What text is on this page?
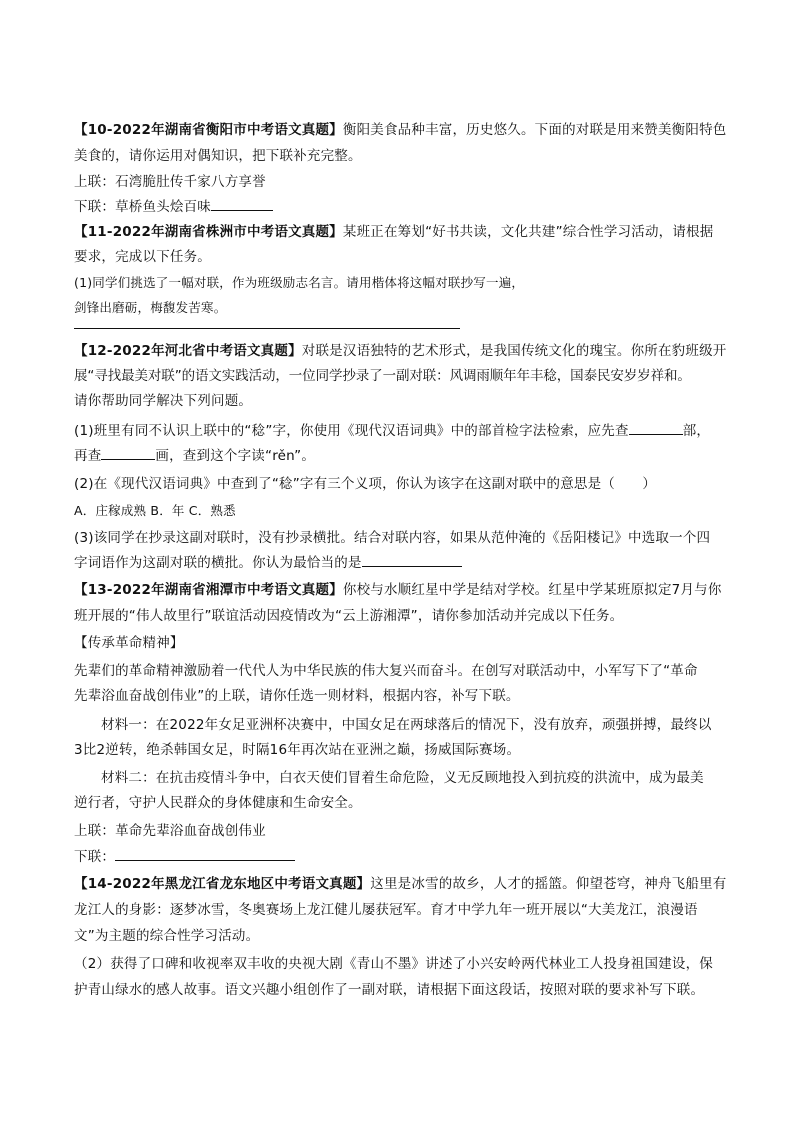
【10-2022年湖南省衡阳市中考语文真题】衡阳美食品种丰富，历史悠久。下面的对联是用来赞美衡阳特色
美食的，请你运用对偶知识，把下联补充完整。
上联：石湾脆肚传千家八方享誉
下联：草桥鱼头烩百味
【11-2022年湖南省株洲市中考语文真题】某班正在筹划“好书共读，文化共建”综合性学习活动，请根据
要求，完成以下任务。
(1)同学们挑选了一幅对联，作为班级励志名言。请用楷体将这幅对联抄写一遍，
剑锋出磨砺，梅馥发苦寒。
【12-2022年河北省中考语文真题】对联是汉语独特的艺术形式，是我国传统文化的瑰宝。你所在豹班级开
展“寻找最美对联”的语文实践活动，一位同学抄录了一副对联：风调雨顺年年丰稔，国泰民安岁岁祥和。
请你帮助同学解决下列问题。
(1)班里有同不认识上联中的“稔”字，你使用《现代汉语词典》中的部首检字法检索，应先查	部，
再查	画，查到这个字读“rěn”。
(2)在《现代汉语词典》中查到了“稔”字有三个义项，你认为该字在这副对联中的意思是（　　）
A．庄稼成熟 B．年 C．熟悉
(3)该同学在抄录这副对联时，没有抄录横批。结合对联内容，如果从范仲淹的《岳阳楼记》中选取一个四
字词语作为这副对联的横批。你认为最恰当的是
【13-2022年湖南省湘潭市中考语文真题】你校与水顺红星中学是结对学校。红星中学某班原拟定7月与你
班开展的“伟人故里行”联谊活动因疫情改为“云上游湘潭”，请你参加活动并完成以下任务。
【传承革命精神】
先辈们的革命精神激励着一代代人为中华民族的伟大复兴而奋斗。在创写对联活动中，小军写下了“革命
先辈浴血奋战创伟业”的上联，请你任选一则材料，根据内容，补写下联。
材料一：在2022年女足亚洲杯决赛中，中国女足在两球落后的情况下，没有放弃，顽强拼搏，最终以
3比2逆转，绝杀韩国女足，时隔16年再次站在亚洲之巅，扬威国际赛场。
材料二：在抗击疫情斗争中，白衣天使们冒着生命危险，义无反顾地投入到抗疫的洪流中，成为最美
逆行者，守护人民群众的身体健康和生命安全。
上联：革命先辈浴血奋战创伟业
下联：
【14-2022年黑龙江省龙东地区中考语文真题】这里是冰雪的故乡，人才的摇篮。仰望苍穹，神舟飞船里有
龙江人的身影：逐梦冰雪，冬奥赛场上龙江健儿屡获冠军。育才中学九年一班开展以“大美龙江，浪漫语
文”为主题的综合性学习活动。
（2）获得了口碑和收视率双丰收的央视大剧《青山不墨》讲述了小兴安岭两代林业工人投身祖国建设，保
护青山绿水的感人故事。语文兴趣小组创作了一副对联，请根据下面这段话，按照对联的要求补写下联。
